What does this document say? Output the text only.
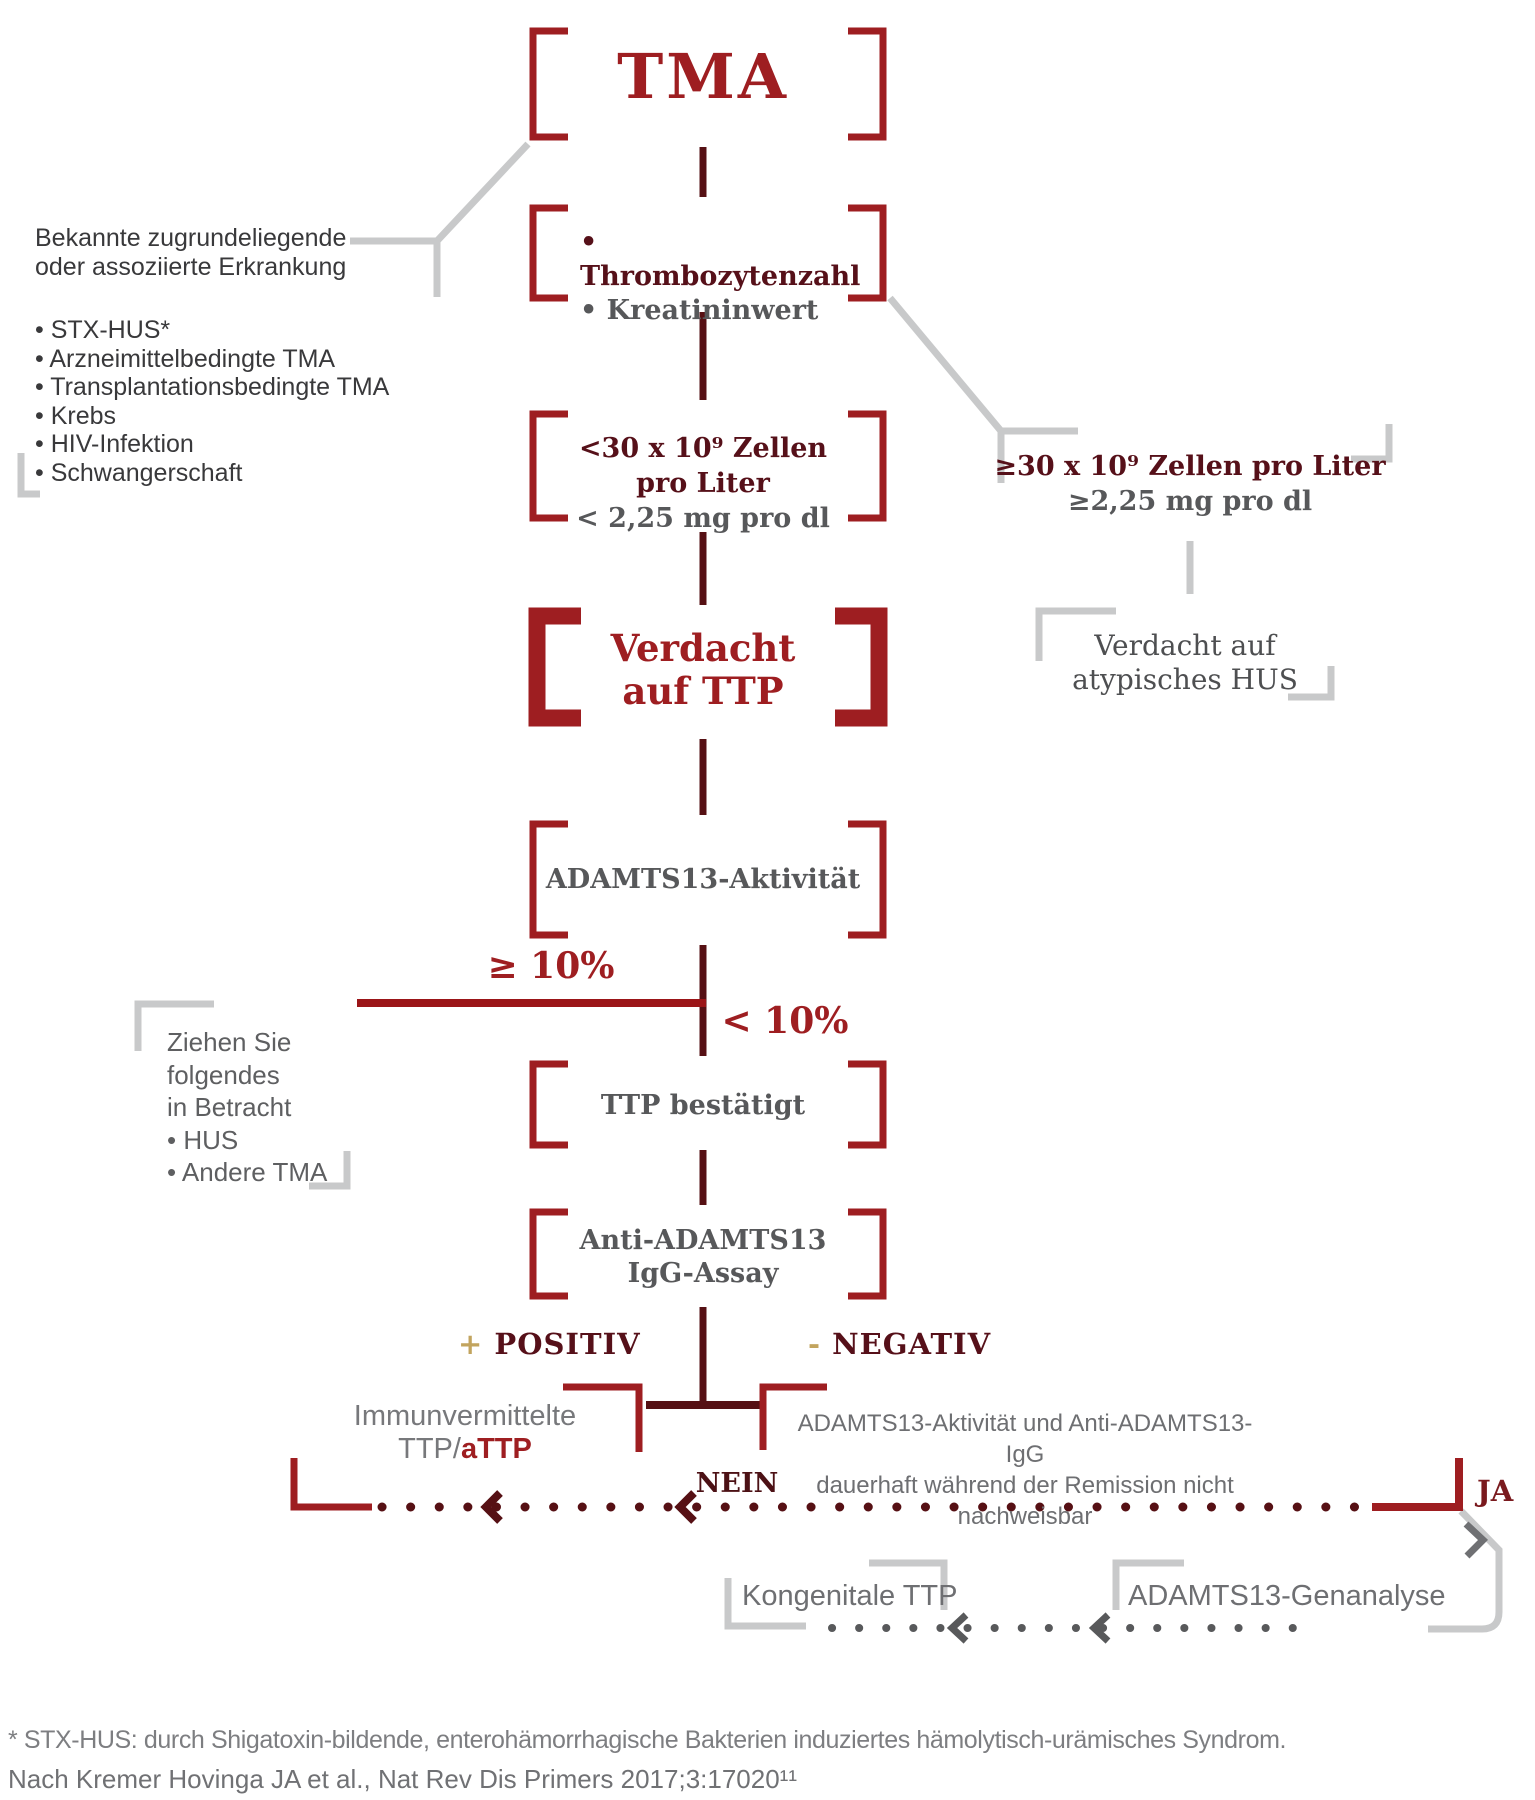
TMA
• Thrombozytenzahl
• Kreatininwert
Bekannte zugrundeliegende
oder assoziierte Erkrankung
• STX-HUS*
• Arzneimittelbedingte TMA
• Transplantationsbedingte TMA
• Krebs
• HIV-Infektion
• Schwangerschaft
<30 x 10⁹ Zellen pro Liter
< 2,25 mg pro dl
≥30 x 10⁹ Zellen pro Liter
≥2,25 mg pro dl
Verdacht
auf TTP
Verdacht auf
atypisches HUS
ADAMTS13-Aktivität
≥ 10%
< 10%
Ziehen Sie
folgendes
in Betracht
• HUS
• Andere TMA
TTP bestätigt
Anti-ADAMTS13
IgG-Assay
+ POSITIV	- NEGATIV
Immunvermittelte
TTP/aTTP
ADAMTS13-Aktivität und Anti-ADAMTS13-IgG
dauerhaft während der Remission nicht nachweisbar
NEIN	JA
Kongenitale TTP	ADAMTS13-Genanalyse
* STX-HUS: durch Shigatoxin-bildende, enterohämorrhagische Bakterien induziertes hämolytisch-urämisches Syndrom.
Nach Kremer Hovinga JA et al., Nat Rev Dis Primers 2017;3:17020¹¹
